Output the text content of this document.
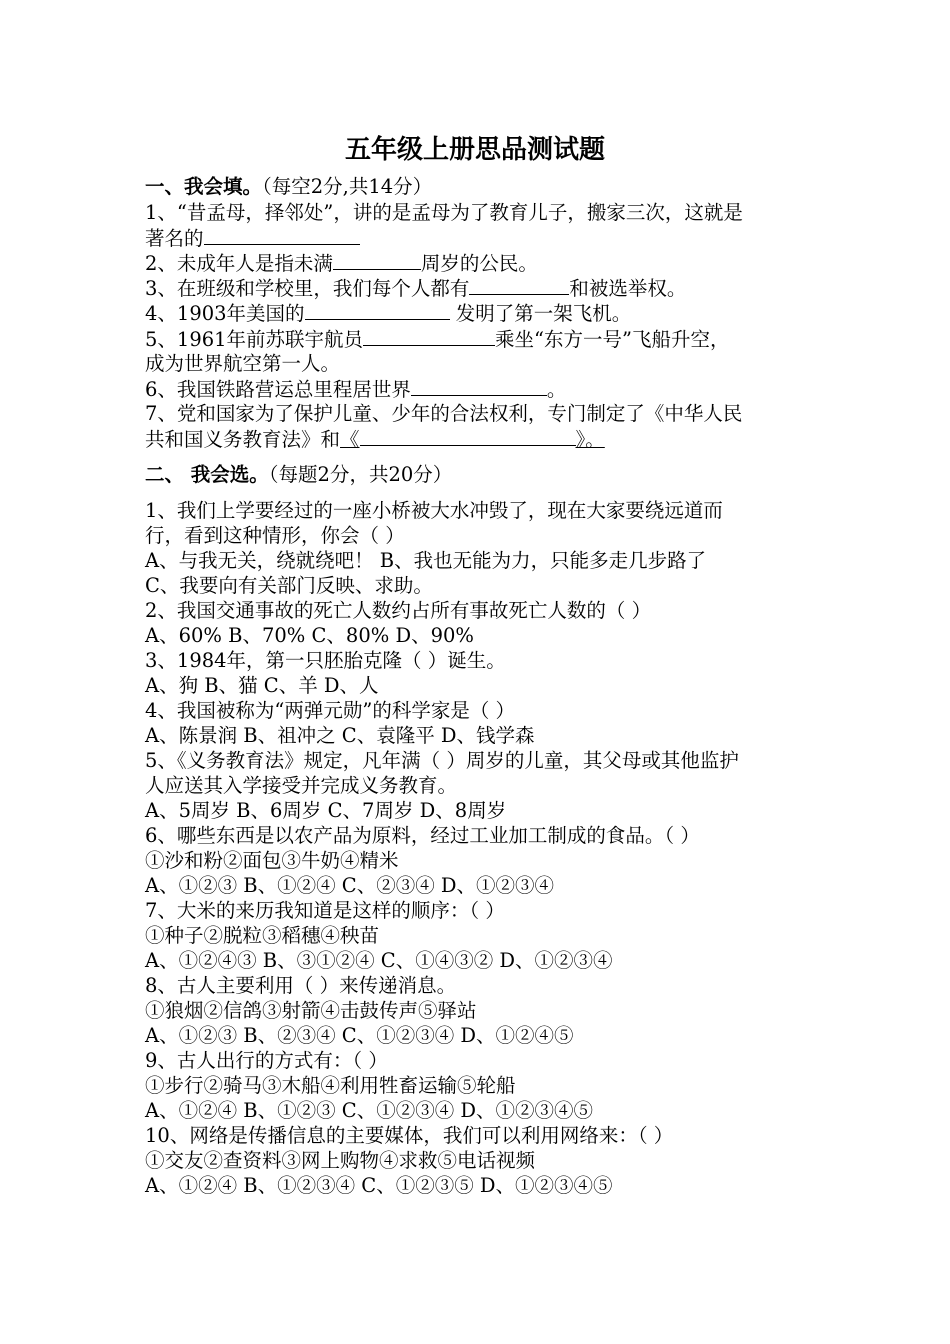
五年级上册思品测试题
一、我会填。（每空2分,共14分）
1、“昔孟母，择邻处”，讲的是孟母为了教育儿子，搬家三次，这就是
著名的
2、未成年人是指未满	周岁的公民。
3、在班级和学校里，我们每个人都有	和被选举权。
4、1903年美国的	发明了第一架飞机。
5、1961年前苏联宇航员	乘坐“东方一号”飞船升空，
成为世界航空第一人。
6、我国铁路营运总里程居世界	。
7、党和国家为了保护儿童、少年的合法权利，专门制定了《中华人民
共和国义务教育法》和《	》。
二、 我会选。（每题2分，共20分）
1、我们上学要经过的一座小桥被大水冲毁了，现在大家要绕远道而
行，看到这种情形，你会（ ）
A、与我无关，绕就绕吧！ B、我也无能为力，只能多走几步路了
C、我要向有关部门反映、求助。
2、我国交通事故的死亡人数约占所有事故死亡人数的（ ）
A、60% B、70% C、80% D、90%
3、1984年，第一只胚胎克隆（ ）诞生。
A、狗 B、猫 C、羊 D、人
4、我国被称为“两弹元勋”的科学家是（ ）
A、陈景润 B、祖冲之 C、袁隆平 D、钱学森
5、《义务教育法》规定，凡年满（ ）周岁的儿童，其父母或其他监护
人应送其入学接受并完成义务教育。
A、5周岁 B、6周岁 C、7周岁 D、8周岁
6、哪些东西是以农产品为原料，经过工业加工制成的食品。（ ）
①沙和粉②面包③牛奶④精米
A、①②③ B、①②④ C、②③④ D、①②③④
7、大米的来历我知道是这样的顺序：（ ）
①种子②脱粒③稻穗④秧苗
A、①②④③ B、③①②④ C、①④③② D、①②③④
8、古人主要利用（ ）来传递消息。
①狼烟②信鸽③射箭④击鼓传声⑤驿站
A、①②③ B、②③④ C、①②③④ D、①②④⑤
9、古人出行的方式有：（ ）
①步行②骑马③木船④利用牲畜运输⑤轮船
A、①②④ B、①②③ C、①②③④ D、①②③④⑤
10、网络是传播信息的主要媒体，我们可以利用网络来：（ ）
①交友②查资料③网上购物④求救⑤电话视频
A、①②④ B、①②③④ C、①②③⑤ D、①②③④⑤
